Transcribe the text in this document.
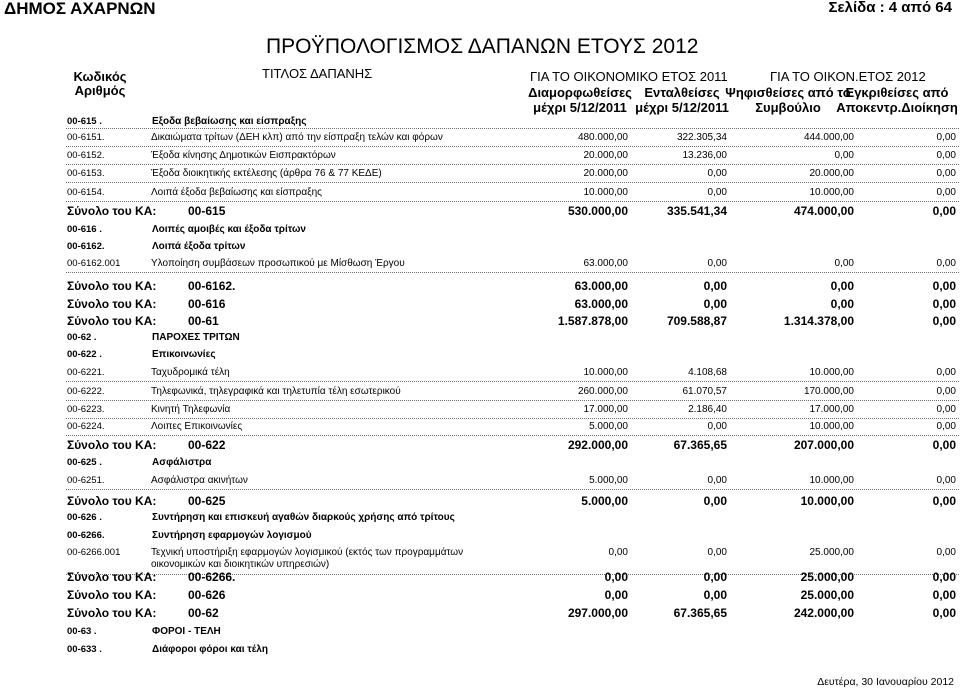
ΔΗΜΟΣ ΑΧΑΡΝΩΝ	Σελίδα : 4 από 64
ΠΡΟΫΠΟΛΟΓΙΣΜΟΣ ΔΑΠΑΝΩΝ ΕΤΟΥΣ 2012
Κωδικός
Αριθμός
ΤΙΤΛΟΣ ΔΑΠΑΝΗΣ	ΓΙΑ ΤΟ ΟΙΚΟΝΟΜΙΚΟ ΕΤΟΣ 2011
Διαμορφωθείσες
μέχρι 5/12/2011
Ενταλθείσες
μέχρι 5/12/2011
ΓΙΑ ΤΟ ΟΙΚΟΝ.ΕΤΟΣ 2012
Ψηφισθείσες από το
Συμβούλιο
Εγκριθείσες από
Αποκεντρ.Διοίκηση
00-615 .	Εξοδα βεβαίωσης και είσπραξης
00-6151.	Δικαιώματα τρίτων (ΔΕΗ κλπ) από την είσπραξη τελών και φόρων	480.000,00	322.305,34	444.000,00	0,00
00-6152.	Έξοδα κίνησης Δημοτικών Εισπρακτόρων	20.000,00	13.236,00	0,00	0,00
00-6153.	Έξοδα διοικητικής εκτέλεσης (άρθρα 76 & 77 ΚΕΔΕ)	20.000,00	0,00	20.000,00	0,00
00-6154.	Λοιπά έξοδα βεβαίωσης και είσπραξης	10.000,00	0,00	10.000,00	0,00
Σύνολο του ΚΑ:	00-615	530.000,00	335.541,34	474.000,00	0,00
00-616 .	Λοιπές αμοιβές και έξοδα τρίτων
00-6162.	Λοιπά έξοδα τρίτων
00-6162.001	Υλοποίηση συμβάσεων προσωπικού με Μίσθωση Έργου	63.000,00	0,00	0,00	0,00
Σύνολο του ΚΑ:	00-6162.	63.000,00	0,00	0,00	0,00
Σύνολο του ΚΑ:	00-616	63.000,00	0,00	0,00	0,00
Σύνολο του ΚΑ:	00-61	1.587.878,00	709.588,87	1.314.378,00	0,00
00-62 .	ΠΑΡΟΧΕΣ ΤΡΙΤΩΝ
00-622 .	Επικοινωνίες
00-6221.	Ταχυδρομικά τέλη	10.000,00	4.108,68	10.000,00	0,00
00-6222.	Τηλεφωνικά, τηλεγραφικά και τηλετυπία τέλη εσωτερικού	260.000,00	61.070,57	170.000,00	0,00
00-6223.	Κινητή Τηλεφωνία	17.000,00	2.186,40	17.000,00	0,00
00-6224.	Λοιπες Επικοινωνίες	5.000,00	0,00	10.000,00	0,00
Σύνολο του ΚΑ:	00-622	292.000,00	67.365,65	207.000,00	0,00
00-625 .	Ασφάλιστρα
00-6251.	Ασφάλιστρα ακινήτων	5.000,00	0,00	10.000,00	0,00
Σύνολο του ΚΑ:	00-625	5.000,00	0,00	10.000,00	0,00
00-626 .	Συντήρηση και επισκευή αγαθών διαρκούς χρήσης από τρίτους
00-6266.	Συντήρηση εφαρμογών λογισμού
00-6266.001	Τεχνική υποστήριξη εφαρμογών λογισμικού (εκτός των προγραμμάτων
οικονομικών και διοικητικών υπηρεσιών)
0,00	0,00	25.000,00	0,00
Σύνολο του ΚΑ:	00-6266.	0,00	0,00	25.000,00	0,00
Σύνολο του ΚΑ:	00-626	0,00	0,00	25.000,00	0,00
Σύνολο του ΚΑ:	00-62	297.000,00	67.365,65	242.000,00	0,00
00-63 .	ΦΟΡΟΙ - ΤΕΛΗ
00-633 .	Διάφοροι φόροι και τέλη
Δευτέρα, 30 Ιανουαρίου 2012
